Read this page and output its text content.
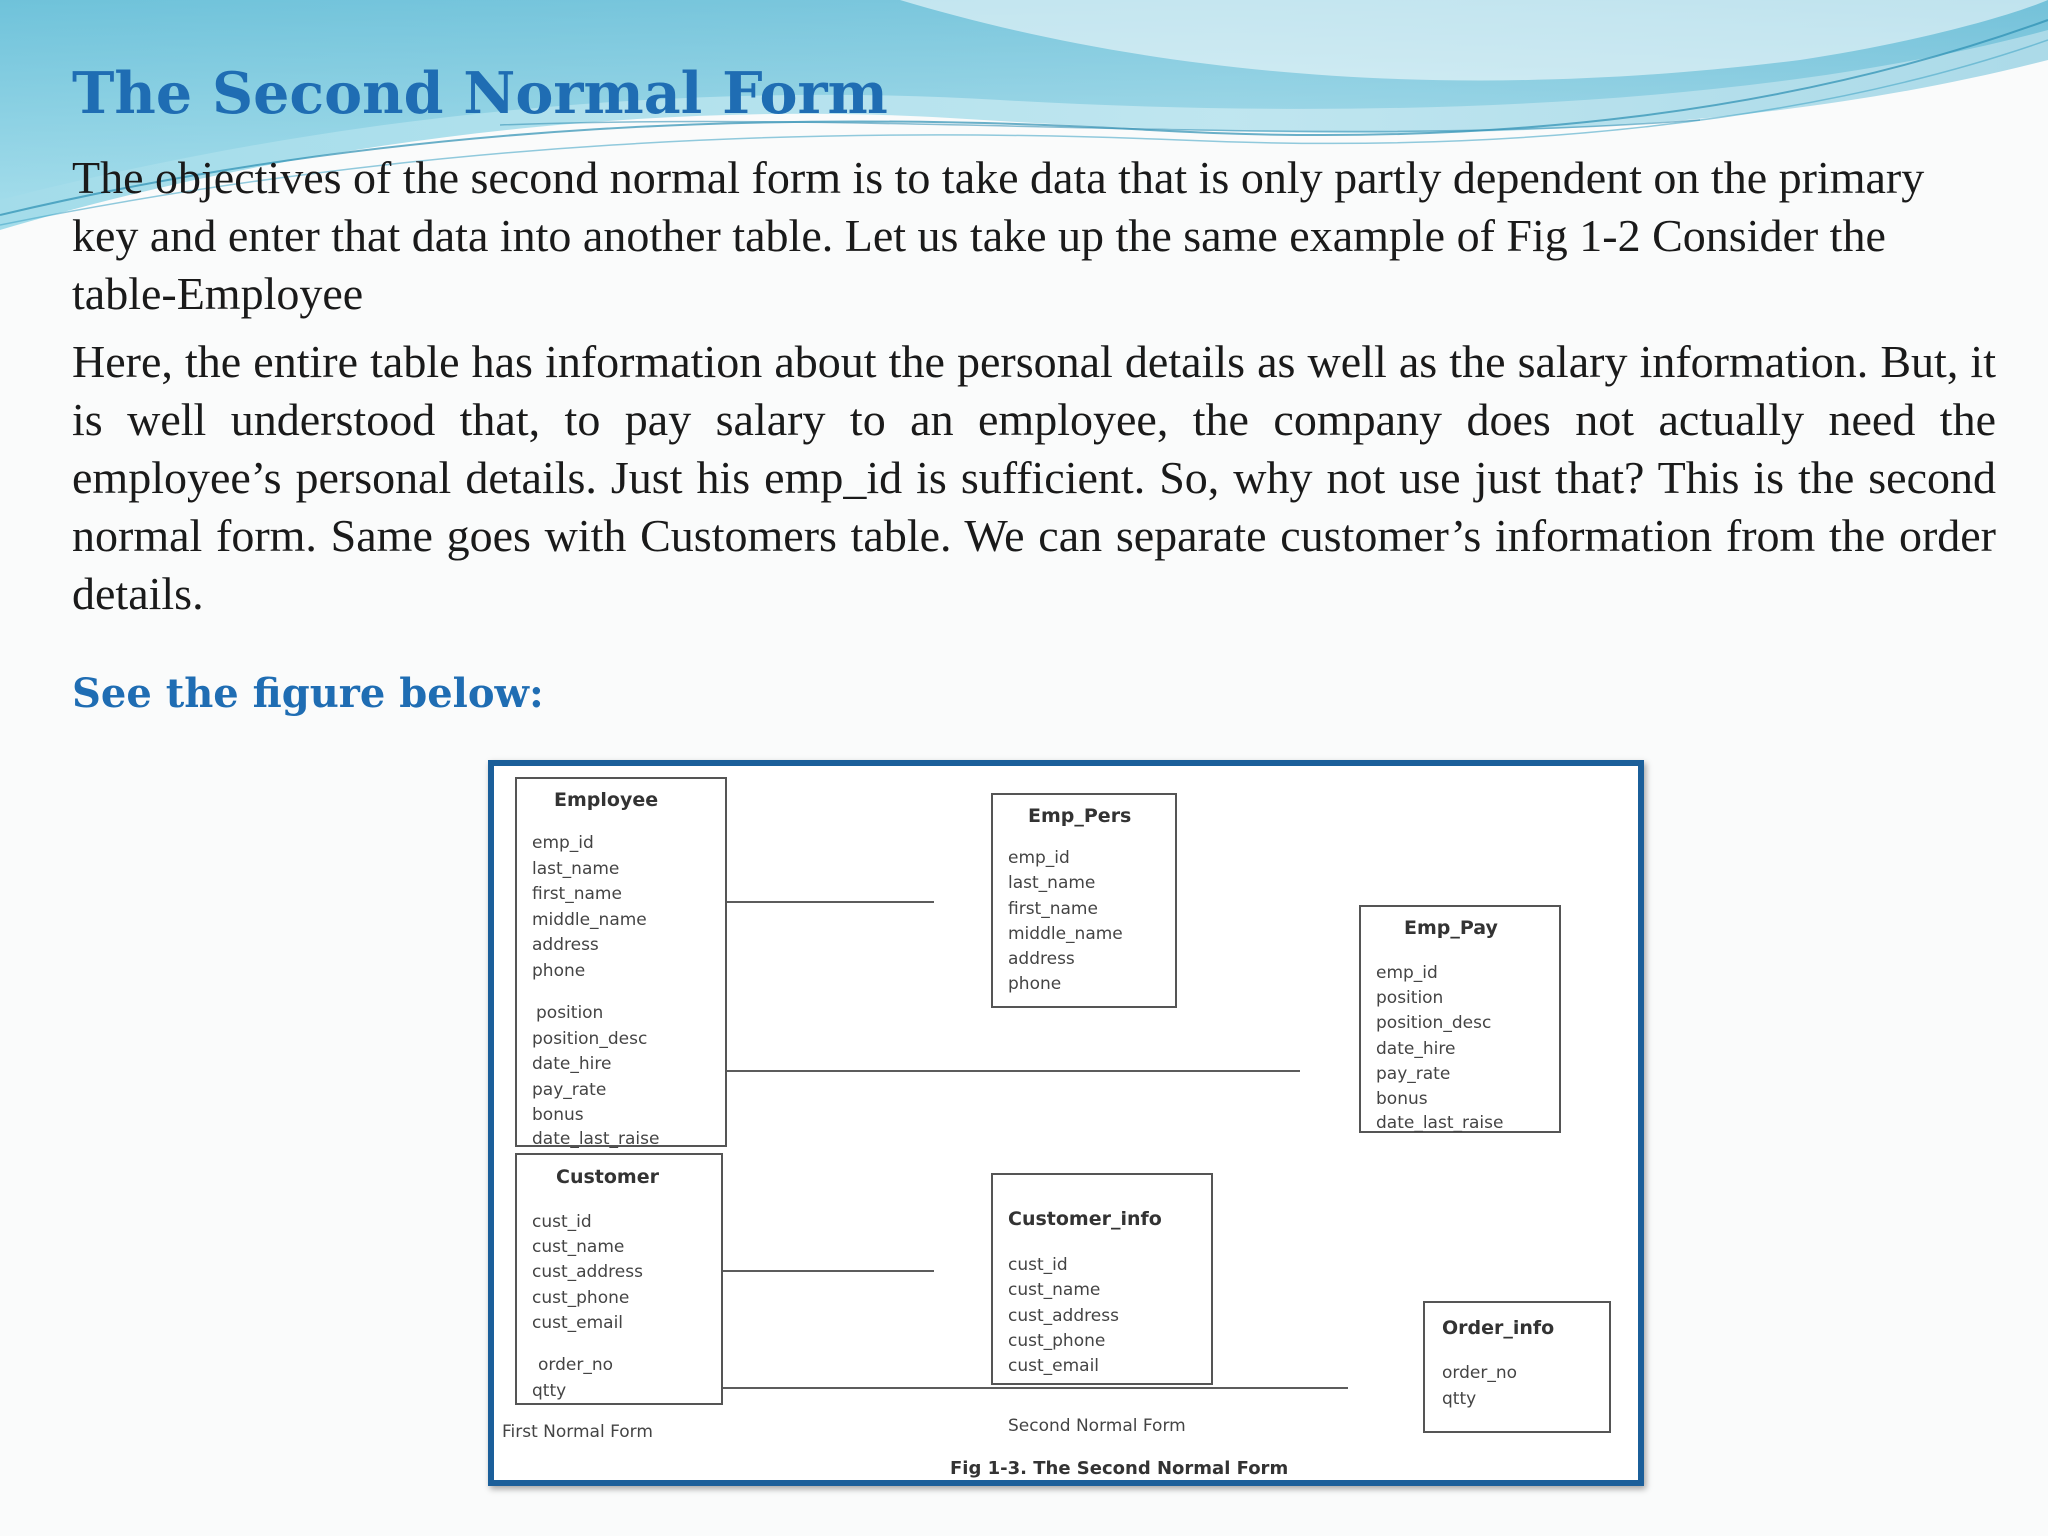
The Second Normal Form

The objectives of the second normal form is to take data that is only partly dependent on the primary key and enter that data into another table. Let us take up the same example of Fig 1-2 Consider the table-Employee

Here, the entire table has information about the personal details as well as the salary information. But, it is well understood that, to pay salary to an employee, the company does not actually need the employee’s personal details. Just his emp_id is sufficient. So, why not use just that? This is the second normal form. Same goes with Customers table. We can separate customer’s information from the order details.

See the figure below:

Employee
emp_id
last_name
first_name
middle_name
address
phone
position
position_desc
date_hire
pay_rate
bonus
date_last_raise
Emp_Pers
emp_id
last_name
first_name
middle_name
address
phone
Emp_Pay
emp_id
position
position_desc
date_hire
pay_rate
bonus
date_last_raise
Customer
cust_id
cust_name
cust_address
cust_phone
cust_email
order_no
qtty
Customer_info
cust_id
cust_name
cust_address
cust_phone
cust_email
Order_info
order_no
qtty
First Normal Form	Second Normal Form
Fig 1-3. The Second Normal Form
